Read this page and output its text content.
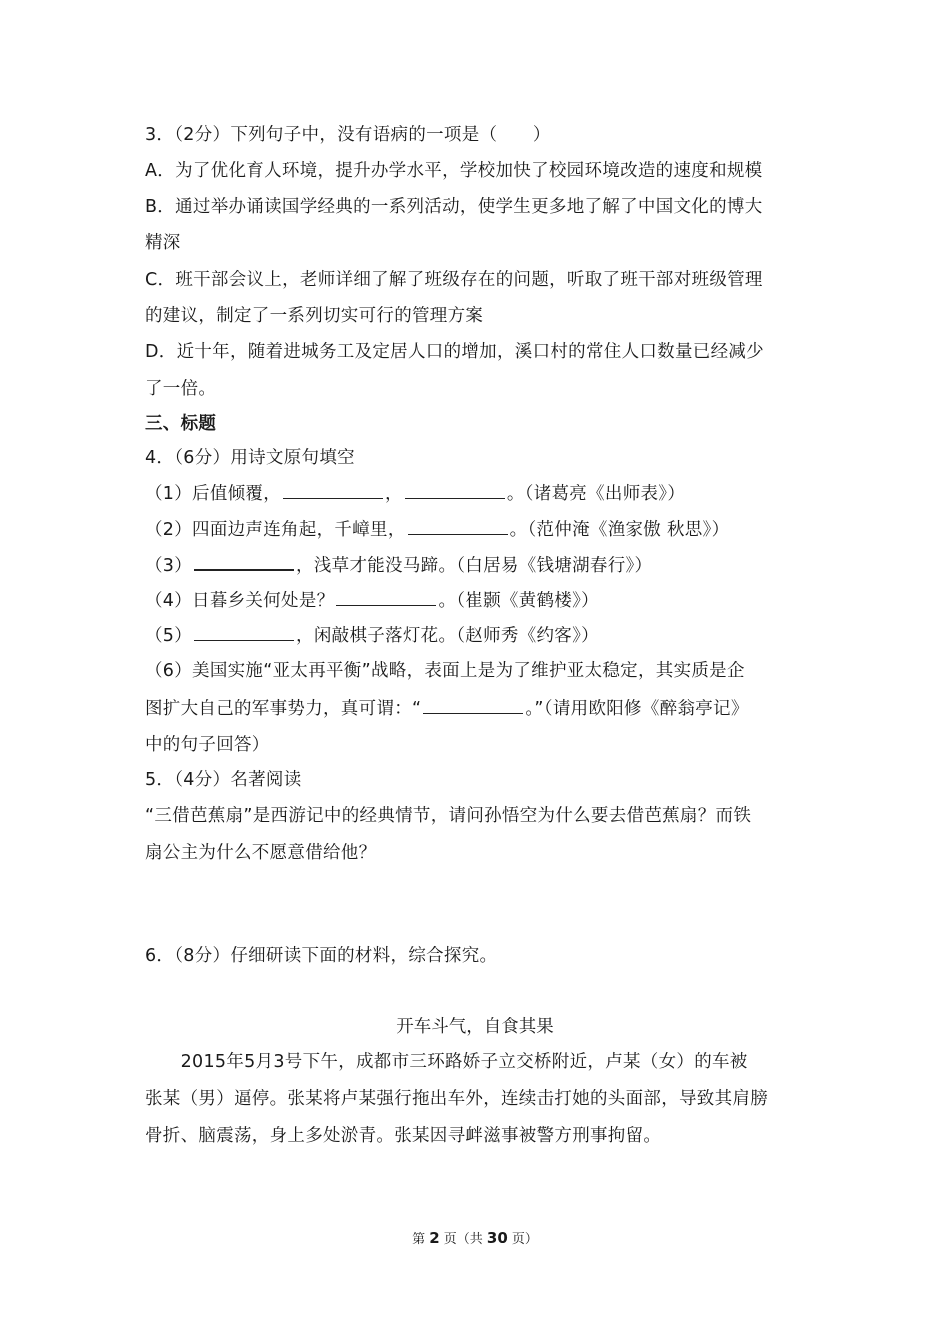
3．（2分）下列句子中，没有语病的一项是（　　）
A．为了优化育人环境，提升办学水平，学校加快了校园环境改造的速度和规模
B．通过举办诵读国学经典的一系列活动，使学生更多地了解了中国文化的博大
精深
C．班干部会议上，老师详细了解了班级存在的问题，听取了班干部对班级管理
的建议，制定了一系列切实可行的管理方案
D．近十年，随着进城务工及定居人口的增加，溪口村的常住人口数量已经减少
了一倍。
三、标题
4．（6分）用诗文原句填空
（1）后值倾覆，	，	。（诸葛亮《出师表》）
（2）四面边声连角起，千嶂里，	。（范仲淹《渔家傲 秋思》）
（3）	，浅草才能没马蹄。（白居易《钱塘湖春行》）
（4）日暮乡关何处是？	。（崔颢《黄鹤楼》）
（5）	，闲敲棋子落灯花。（赵师秀《约客》）
（6）美国实施“亚太再平衡”战略，表面上是为了维护亚太稳定，其实质是企
图扩大自己的军事势力，真可谓：“	。”（请用欧阳修《醉翁亭记》
中的句子回答）
5．（4分）名著阅读
“三借芭蕉扇”是西游记中的经典情节，请问孙悟空为什么要去借芭蕉扇？而铁
扇公主为什么不愿意借给他？
6．（8分）仔细研读下面的材料，综合探究。
开车斗气，自食其果
　　2015年5月3号下午，成都市三环路娇子立交桥附近，卢某（女）的车被
张某（男）逼停。张某将卢某强行拖出车外，连续击打她的头面部，导致其肩膀
骨折、脑震荡，身上多处淤青。张某因寻衅滋事被警方刑事拘留。
第 2 页（共 30 页）
